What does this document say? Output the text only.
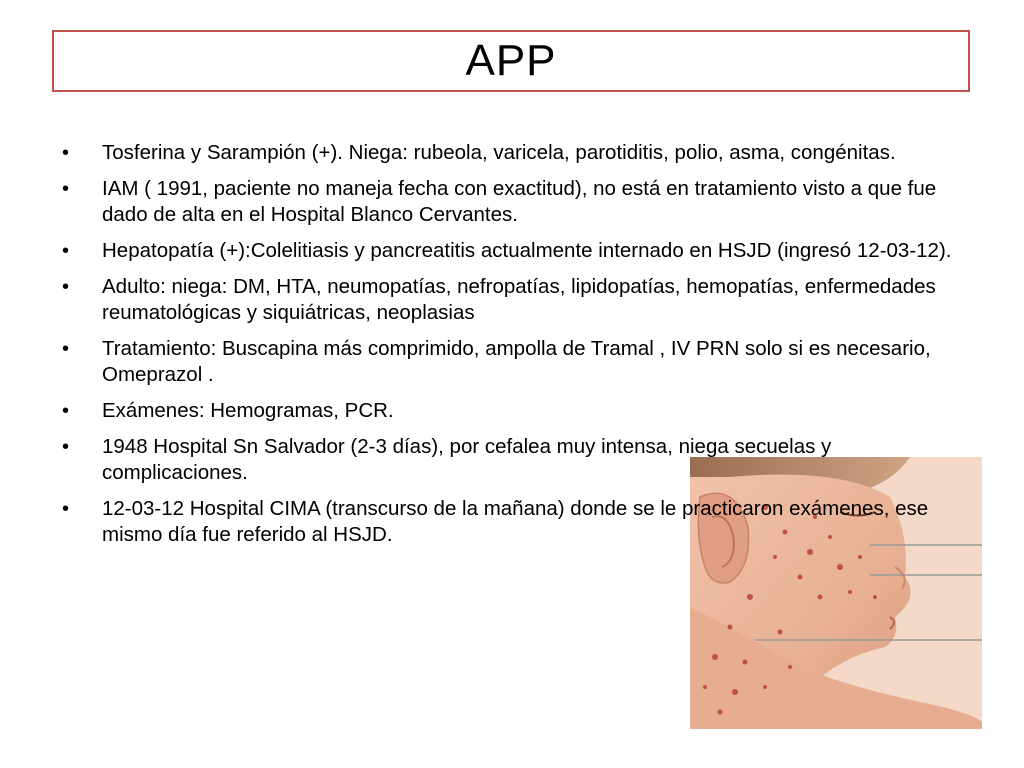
APP
• Tosferina y Sarampión (+). Niega: rubeola, varicela, parotiditis, polio, asma, congénitas.
• IAM ( 1991, paciente no maneja fecha con exactitud), no está en tratamiento visto a que fue dado de alta en el Hospital Blanco Cervantes.
• Hepatopatía (+):Colelitiasis y pancreatitis actualmente internado en HSJD (ingresó 12-03-12).
• Adulto: niega: DM, HTA, neumopatías, nefropatías, lipidopatías, hemopatías, enfermedades reumatológicas y siquiátricas, neoplasias
• Tratamiento: Buscapina más comprimido, ampolla de Tramal , IV PRN solo si es necesario, Omeprazol .
• Exámenes: Hemogramas, PCR.
• 1948 Hospital Sn Salvador (2-3 días), por cefalea muy intensa, niega secuelas y complicaciones.
• 12-03-12 Hospital CIMA (transcurso de la mañana) donde se le practicaron exámenes, ese mismo día fue referido al HSJD.
